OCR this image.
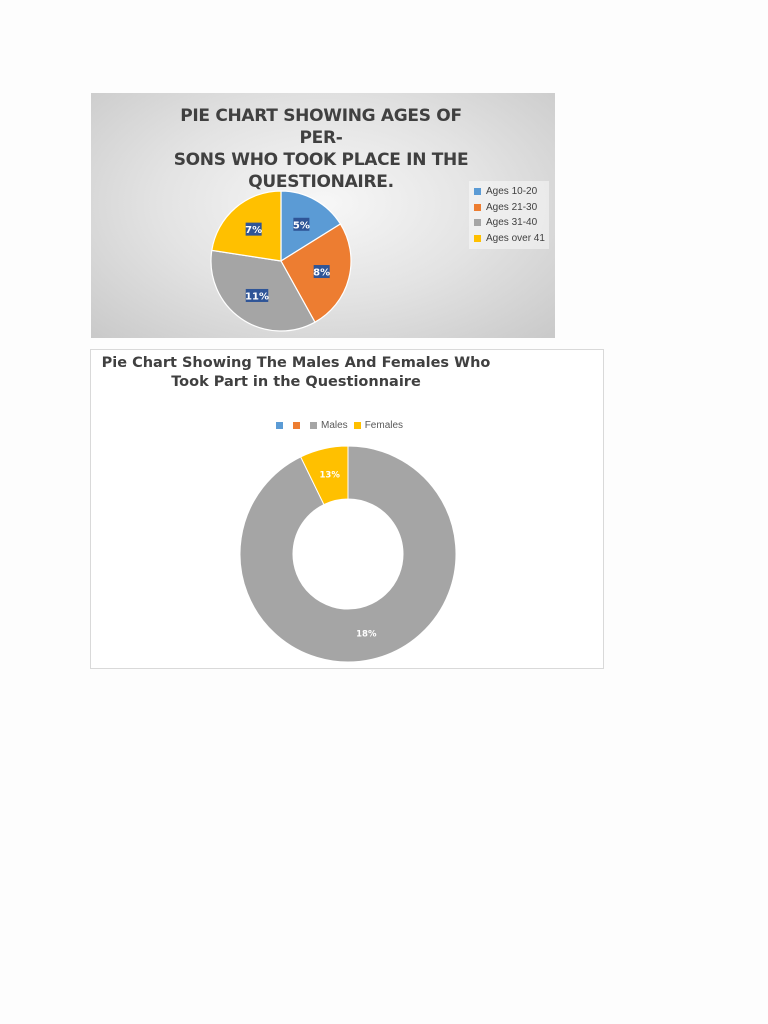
PIE CHART SHOWING AGES OF PER-
SONS WHO TOOK PLACE IN THE
QUESTIONAIRE.
5%
8%
11%
7%
Ages 10-20
Ages 21-30
Ages 31-40
Ages over 41
Pie Chart Showing The Males And Females Who
Took Part in the Questionnaire
Males Females
18%
13%
